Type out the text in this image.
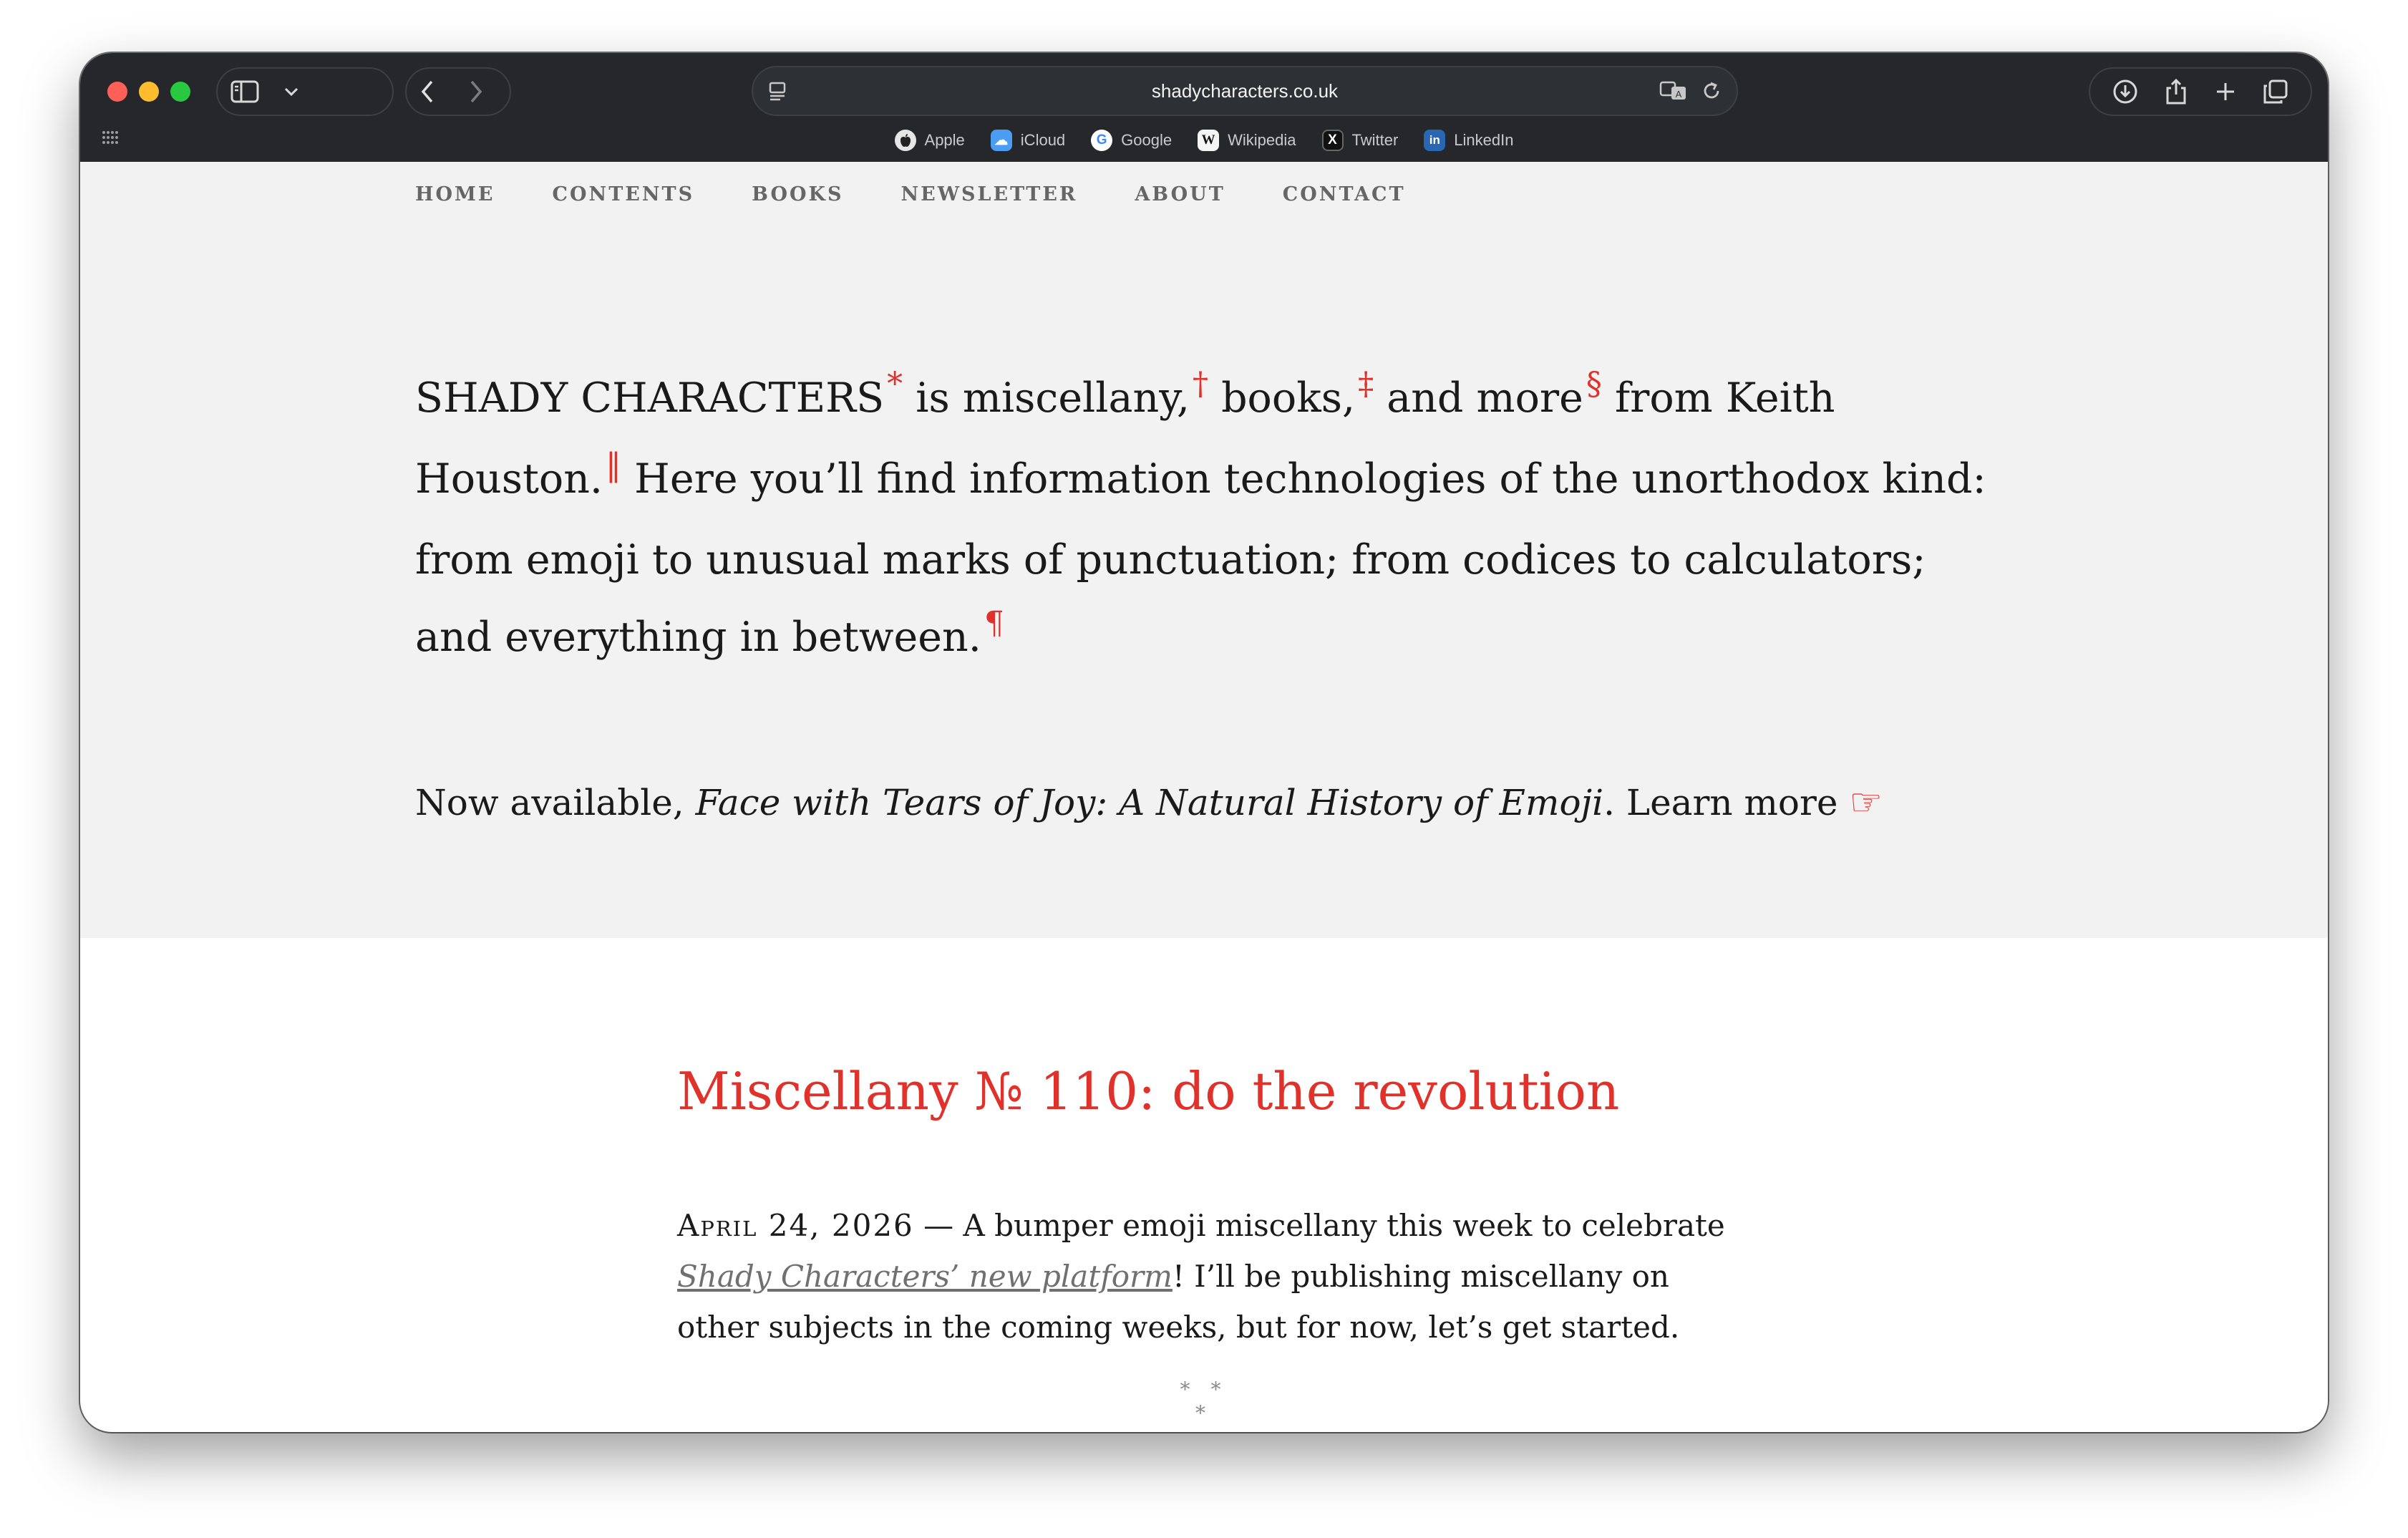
shadycharacters.co.uk	A
Apple ☁ iCloud	G Google W Wikipedia	X Twitter	in LinkedIn
HOME	CONTENTS	BOOKS	NEWSLETTER	ABOUT	CONTACT

SHADY CHARACTERS* is miscellany,† books,‡ and more§ from Keith Houston.‖ Here you’ll find information technologies of the unorthodox kind: from emoji to unusual marks of punctuation; from codices to calculators; and everything in between.¶

Now available, Face with Tears of Joy: A Natural History of Emoji. Learn more ☞

Miscellany № 110: do the revolution

April 24, 2026 — A bumper emoji miscellany this week to celebrate Shady Characters’ new platform! I’ll be publishing miscellany on other subjects in the coming weeks, but for now, let’s get started.

* * *
